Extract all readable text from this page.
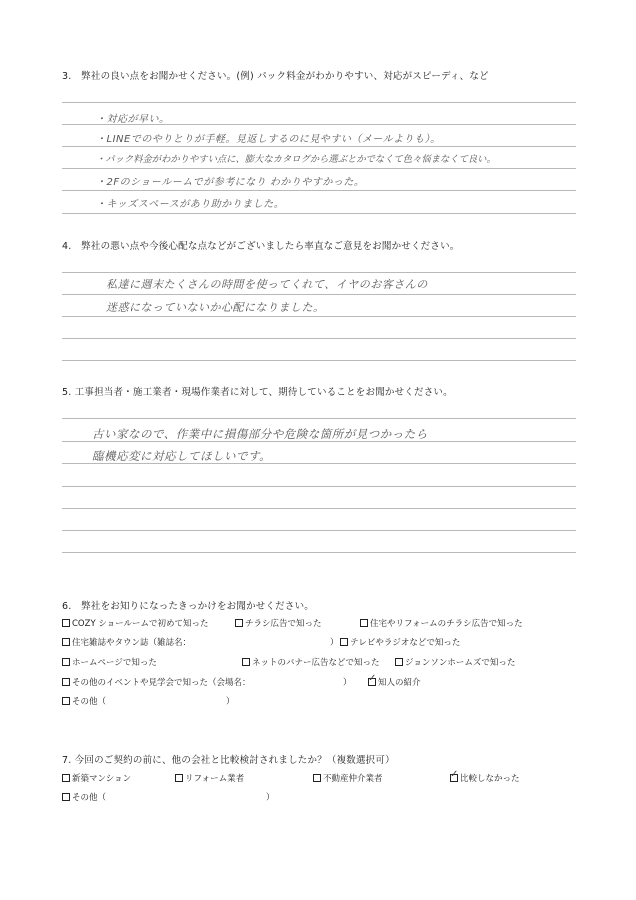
3.　弊社の良い点をお聞かせください。(例) パック料金がわかりやすい、対応がスピーディ、など
・対応が早い。
・LINEでのやりとりが手軽。見返しするのに見やすい（メールよりも）。
・パック料金がわかりやすい点に、膨大なカタログから選ぶとかでなくて色々悩まなくて良い。
・2Fのショールームでが参考になり わかりやすかった。
・キッズスペースがあり助かりました。
4.　弊社の悪い点や今後心配な点などがございましたら率直なご意見をお聞かせください。
私達に週末たくさんの時間を使ってくれて、イヤのお客さんの
迷惑になっていないか心配になりました。
5. 工事担当者・施工業者・現場作業者に対して、期待していることをお聞かせください。
古い家なので、作業中に損傷部分や危険な箇所が見つかったら
臨機応変に対応してほしいです。
6.　弊社をお知りになったきっかけをお聞かせください。
COZY ショールームで初めて知った	チラシ広告で知った	住宅やリフォームのチラシ広告で知った
住宅雑誌やタウン誌（雑誌名：	）	テレビやラジオなどで知った
ホームページで知った	ネットのバナー広告などで知った	ジョンソンホームズで知った
その他のイベントや見学会で知った（会場名：	） ✓ 知人の紹介
その他（	）
7. 今回のご契約の前に、他の会社と比較検討されましたか？（複数選択可）
新築マンション	リフォーム業者	不動産仲介業者	✓ 比較しなかった
その他（	）
